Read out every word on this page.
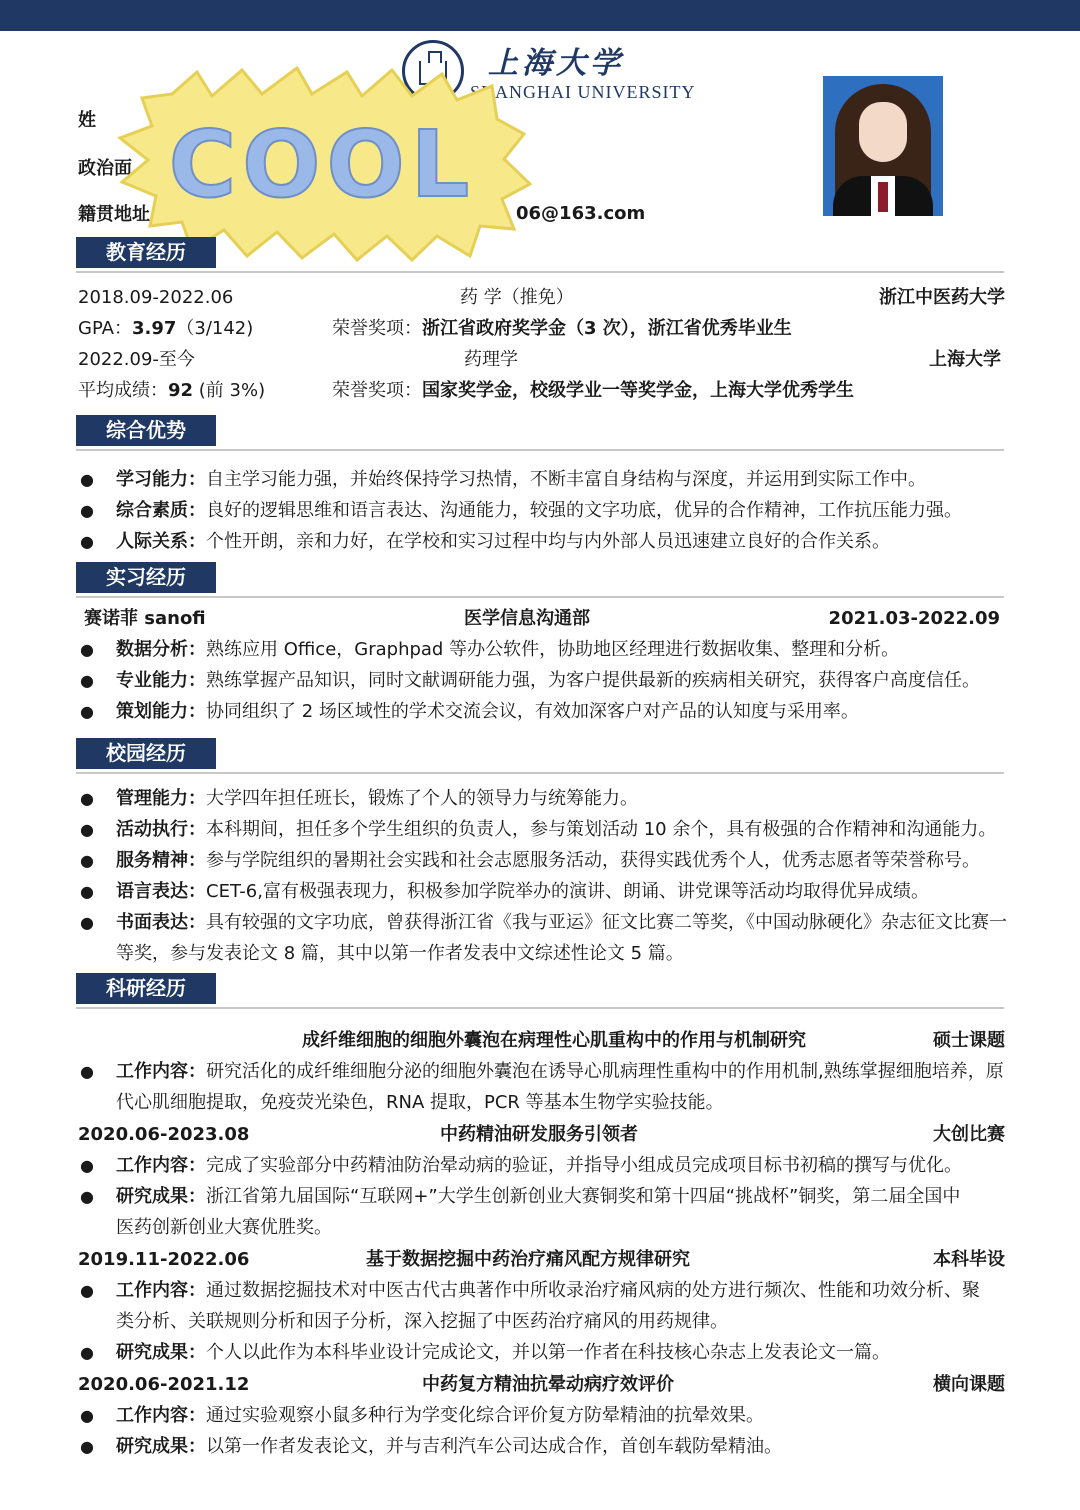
上海大学
SHANGHAI UNIVERSITY
姓
政治面
籍贯地址	06@163.com
COOL
教育经历
2018.09-2022.06	药 学（推免）	浙江中医药大学
GPA：3.97（3/142)	荣誉奖项：浙江省政府奖学金（3 次），浙江省优秀毕业生
2022.09-至今	药理学	上海大学
平均成绩：92 (前 3%)	荣誉奖项：国家奖学金，校级学业一等奖学金，上海大学优秀学生
综合优势
● 学习能力：自主学习能力强，并始终保持学习热情，不断丰富自身结构与深度，并运用到实际工作中。
● 综合素质：良好的逻辑思维和语言表达、沟通能力，较强的文字功底，优异的合作精神，工作抗压能力强。
● 人际关系：个性开朗，亲和力好，在学校和实习过程中均与内外部人员迅速建立良好的合作关系。
实习经历
赛诺菲 sanofi	医学信息沟通部	2021.03-2022.09
● 数据分析：熟练应用 Office，Graphpad 等办公软件，协助地区经理进行数据收集、整理和分析。
● 专业能力：熟练掌握产品知识，同时文献调研能力强，为客户提供最新的疾病相关研究，获得客户高度信任。
● 策划能力：协同组织了 2 场区域性的学术交流会议，有效加深客户对产品的认知度与采用率。
校园经历
● 管理能力：大学四年担任班长，锻炼了个人的领导力与统筹能力。
● 活动执行：本科期间，担任多个学生组织的负责人，参与策划活动 10 余个，具有极强的合作精神和沟通能力。
● 服务精神：参与学院组织的暑期社会实践和社会志愿服务活动，获得实践优秀个人，优秀志愿者等荣誉称号。
● 语言表达：CET-6,富有极强表现力，积极参加学院举办的演讲、朗诵、讲党课等活动均取得优异成绩。
● 书面表达：具有较强的文字功底，曾获得浙江省《我与亚运》征文比赛二等奖，《中国动脉硬化》杂志征文比赛一
等奖，参与发表论文 8 篇，其中以第一作者发表中文综述性论文 5 篇。
科研经历
成纤维细胞的细胞外囊泡在病理性心肌重构中的作用与机制研究	硕士课题
● 工作内容：研究活化的成纤维细胞分泌的细胞外囊泡在诱导心肌病理性重构中的作用机制,熟练掌握细胞培养，原
代心肌细胞提取，免疫荧光染色，RNA 提取，PCR 等基本生物学实验技能。
2020.06-2023.08	中药精油研发服务引领者	大创比赛
● 工作内容：完成了实验部分中药精油防治晕动病的验证，并指导小组成员完成项目标书初稿的撰写与优化。
● 研究成果：浙江省第九届国际“互联网+”大学生创新创业大赛铜奖和第十四届“挑战杯”铜奖，第二届全国中
医药创新创业大赛优胜奖。
2019.11-2022.06	基于数据挖掘中药治疗痛风配方规律研究	本科毕设
● 工作内容：通过数据挖掘技术对中医古代古典著作中所收录治疗痛风病的处方进行频次、性能和功效分析、聚
类分析、关联规则分析和因子分析，深入挖掘了中医药治疗痛风的用药规律。
● 研究成果：个人以此作为本科毕业设计完成论文，并以第一作者在科技核心杂志上发表论文一篇。
2020.06-2021.12	中药复方精油抗晕动病疗效评价	横向课题
● 工作内容：通过实验观察小鼠多种行为学变化综合评价复方防晕精油的抗晕效果。
● 研究成果：以第一作者发表论文，并与吉利汽车公司达成合作，首创车载防晕精油。
